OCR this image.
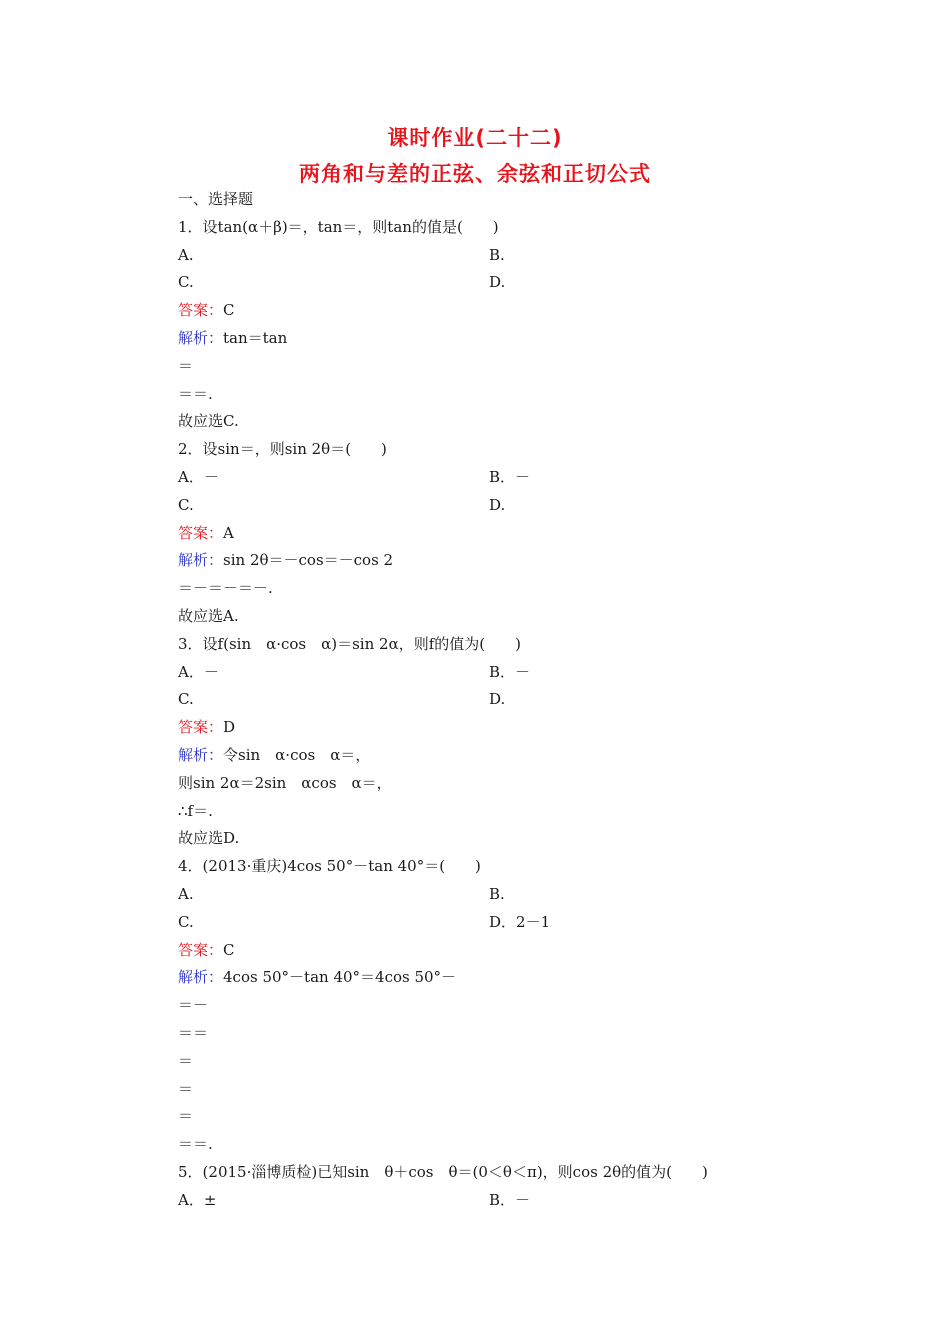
课时作业(二十二)
两角和与差的正弦、余弦和正切公式
一、选择题
1．设tan(α＋β)＝，tan＝，则tan的值是(　　)
A.	B.
C.	D.
答案：C
解析：tan＝tan
＝
＝＝.
故应选C.
2．设sin＝，则sin 2θ＝(　　)
A．－	B．－
C.	D.
答案：A
解析：sin 2θ＝－cos＝－cos 2
＝－＝－＝－.
故应选A.
3．设f(sin　α·cos　α)＝sin 2α，则f的值为(　　)
A．－	B．－
C.	D.
答案：D
解析：令sin　α·cos　α＝，
则sin 2α＝2sin　αcos　α＝，
∴f＝.
故应选D.
4．(2013·重庆)4cos 50°－tan 40°＝(　　)
A.	B.
C.	D．2－1
答案：C
解析：4cos 50°－tan 40°＝4cos 50°－
＝－
＝＝
＝
＝
＝
＝＝.
5．(2015·淄博质检)已知sin　θ＋cos　θ＝(0＜θ＜π)，则cos 2θ的值为(　　)
A．±	B．－
